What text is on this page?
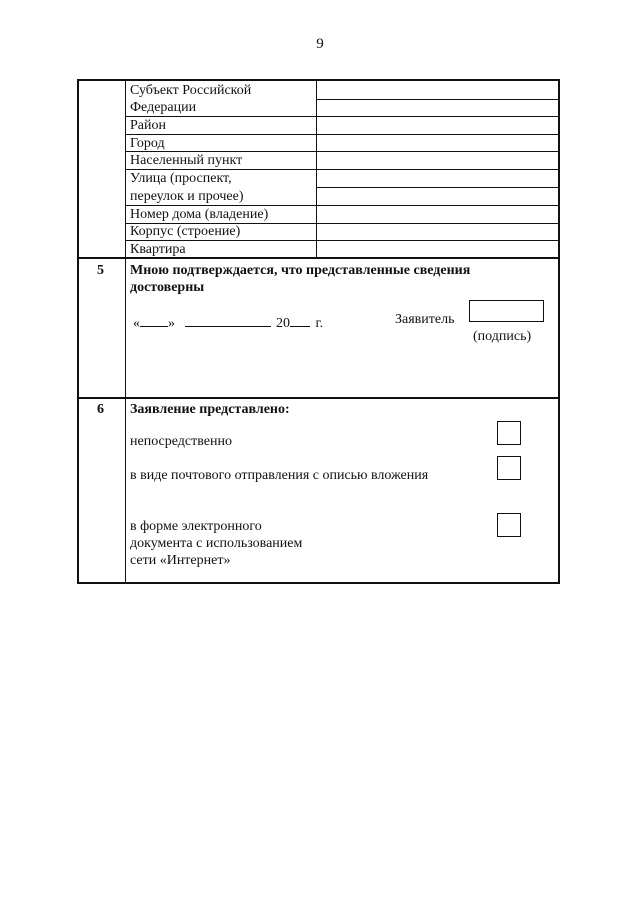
9
Субъект Российской
Федерации
Район
Город
Населенный пункт
Улица (проспект,
переулок и прочее)
Номер дома (владение)
Корпус (строение)
Квартира
5 Мною подтверждается, что представленные сведения
достоверны
« »	20 г.	Заявитель
(подпись)
6 Заявление представлено:
непосредственно
в виде почтового отправления с описью вложения
в форме электронного
документа с использованием
сети «Интернет»
